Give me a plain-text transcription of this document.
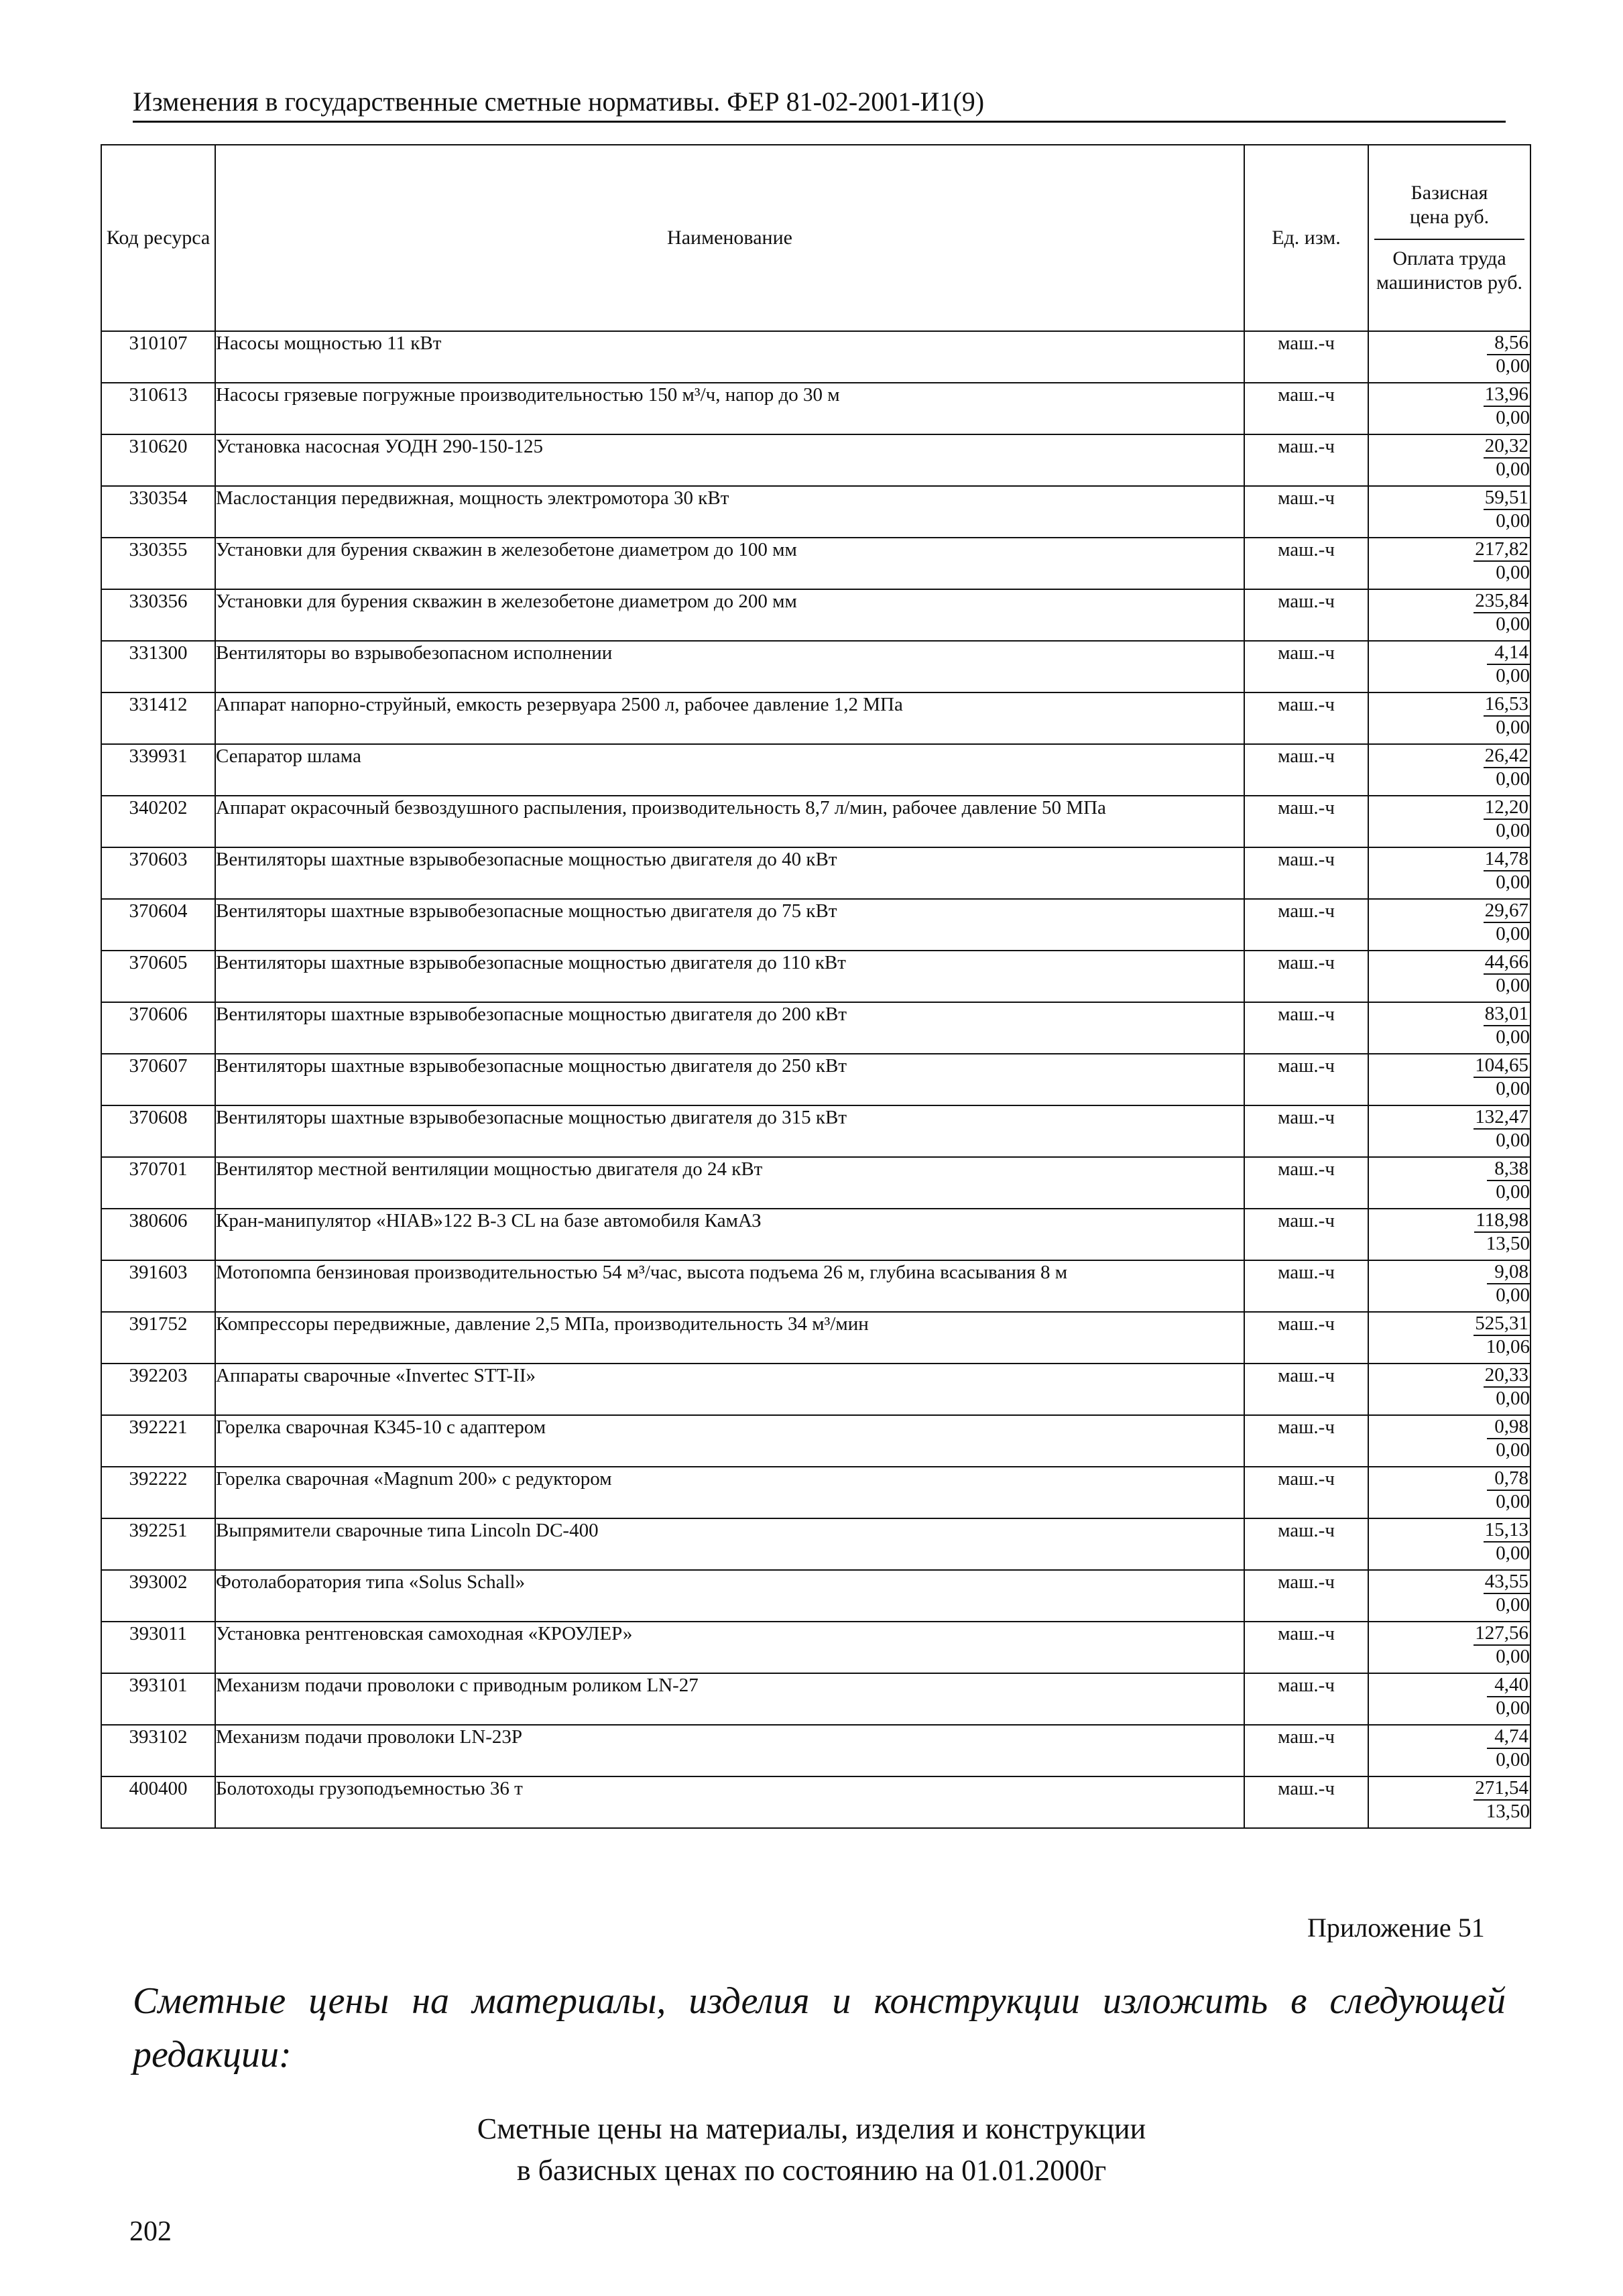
Изменения в государственные сметные нормативы. ФЕР 81-02-2001-И1(9)
Код ресурса	Наименование	Ед. изм.	Базисная цена руб.
Оплата труда машинистов руб.

310107	Насосы мощностью 11 кВт	маш.-ч	8,56
0,00

310613	Насосы грязевые погружные производительностью 150 м³/ч, напор до 30 м	маш.-ч	13,96
0,00

310620	Установка насосная УОДН 290-150-125	маш.-ч	20,32
0,00

330354	Маслостанция передвижная, мощность электромотора 30 кВт	маш.-ч	59,51
0,00

330355	Установки для бурения скважин в железобетоне диаметром до 100 мм	маш.-ч	217,82
0,00

330356	Установки для бурения скважин в железобетоне диаметром до 200 мм	маш.-ч	235,84
0,00

331300	Вентиляторы во взрывобезопасном исполнении	маш.-ч	4,14
0,00

331412	Аппарат напорно-струйный, емкость резервуара 2500 л, рабочее давление 1,2 МПа	маш.-ч	16,53
0,00

339931	Сепаратор шлама	маш.-ч	26,42
0,00

340202	Аппарат окрасочный безвоздушного распыления, производительность 8,7 л/мин, рабочее давление 50 МПа	маш.-ч	12,20
0,00

370603	Вентиляторы шахтные взрывобезопасные мощностью двигателя до 40 кВт	маш.-ч	14,78
0,00

370604	Вентиляторы шахтные взрывобезопасные мощностью двигателя до 75 кВт	маш.-ч	29,67
0,00

370605	Вентиляторы шахтные взрывобезопасные мощностью двигателя до 110 кВт	маш.-ч	44,66
0,00

370606	Вентиляторы шахтные взрывобезопасные мощностью двигателя до 200 кВт	маш.-ч	83,01
0,00

370607	Вентиляторы шахтные взрывобезопасные мощностью двигателя до 250 кВт	маш.-ч	104,65
0,00

370608	Вентиляторы шахтные взрывобезопасные мощностью двигателя до 315 кВт	маш.-ч	132,47
0,00

370701	Вентилятор местной вентиляции мощностью двигателя до 24 кВт	маш.-ч	8,38
0,00

380606	Кран-манипулятор «HIAB»122 В-3 CL на базе автомобиля КамАЗ	маш.-ч	118,98
13,50

391603	Мотопомпа бензиновая производительностью 54 м³/час, высота подъема 26 м, глубина всасывания 8 м	маш.-ч	9,08
0,00

391752	Компрессоры передвижные, давление 2,5 МПа, производительность 34 м³/мин	маш.-ч	525,31
10,06

392203	Аппараты сварочные «Invertec STT-II»	маш.-ч	20,33
0,00

392221	Горелка сварочная К345-10 с адаптером	маш.-ч	0,98
0,00

392222	Горелка сварочная «Magnum 200» с редуктором	маш.-ч	0,78
0,00

392251	Выпрямители сварочные типа Lincoln DC-400	маш.-ч	15,13
0,00

393002	Фотолаборатория типа «Solus Schall»	маш.-ч	43,55
0,00

393011	Установка рентгеновская самоходная «КРОУЛЕР»	маш.-ч	127,56
0,00

393101	Механизм подачи проволоки с приводным роликом LN-27	маш.-ч	4,40
0,00

393102	Механизм подачи проволоки LN-23P	маш.-ч	4,74
0,00

400400	Болотоходы грузоподъемностью 36 т	маш.-ч	271,54
13,50
Приложение 51
Сметные цены на материалы, изделия и конструкции изложить в следующей редакции:
Сметные цены на материалы, изделия и конструкции
в базисных ценах по состоянию на 01.01.2000г
202
